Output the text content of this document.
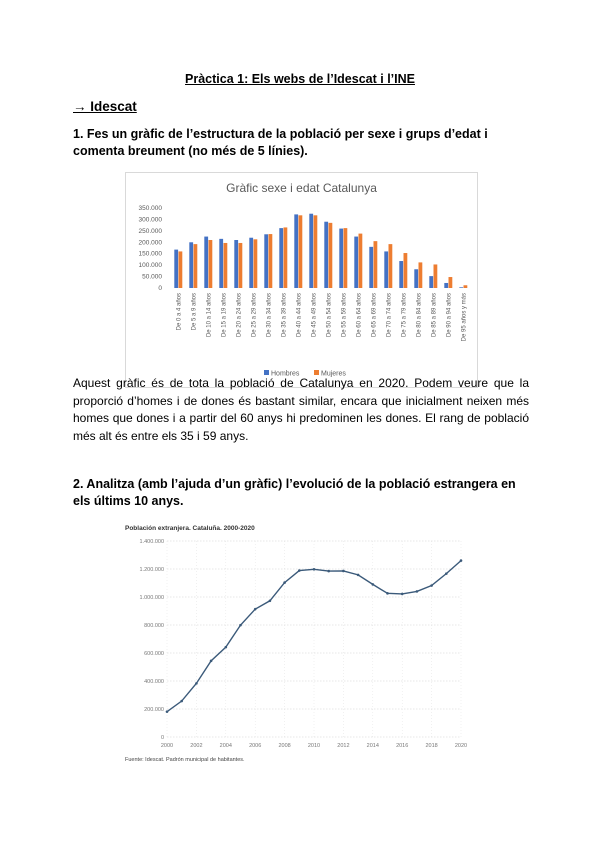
Pràctica 1: Els webs de l’Idescat i l’INE
→ Idescat
1. Fes un gràfic de l’estructura de la població per sexe i grups d’edat i comenta breument (no més de 5 línies).
Gràfic sexe i edat Catalunya
0
50.000
100.000
150.000
200.000
250.000
300.000
350.000
De 0 a 4 años De 5 a 9 años De 10 a 14 años De 15 a 19 años De 20 a 24 años De 25 a 29 años De 30 a 34 años De 35 a 39 años De 40 a 44 años De 45 a 49 años De 50 a 54 años De 55 a 59 años De 60 a 64 años De 65 a 69 años De 70 a 74 años De 75 a 79 años De 80 a 84 años De 85 a 89 años De 90 a 94 años De 95 años y más
Hombres	Mujeres
Aquest gràfic és de tota la població de Catalunya en 2020. Podem veure que la proporció d’homes i de dones és bastant similar, encara que inicialment neixen més homes que dones i a partir del 60 anys hi predominen les dones. El rang de població més alt és entre els 35 i 59 anys.
2. Analitza (amb l’ajuda d’un gràfic) l’evolució de la població estrangera en els últims 10 anys.
Población extranjera. Cataluña. 2000-2020
Fuente: Idescat. Padrón municipal de habitantes.
0
200.000
400.000
600.000
800.000
1.000.000
1.200.000
1.400.000
2000	2002	2004	2006	2008	2010	2012	2014	2016	2018	2020
